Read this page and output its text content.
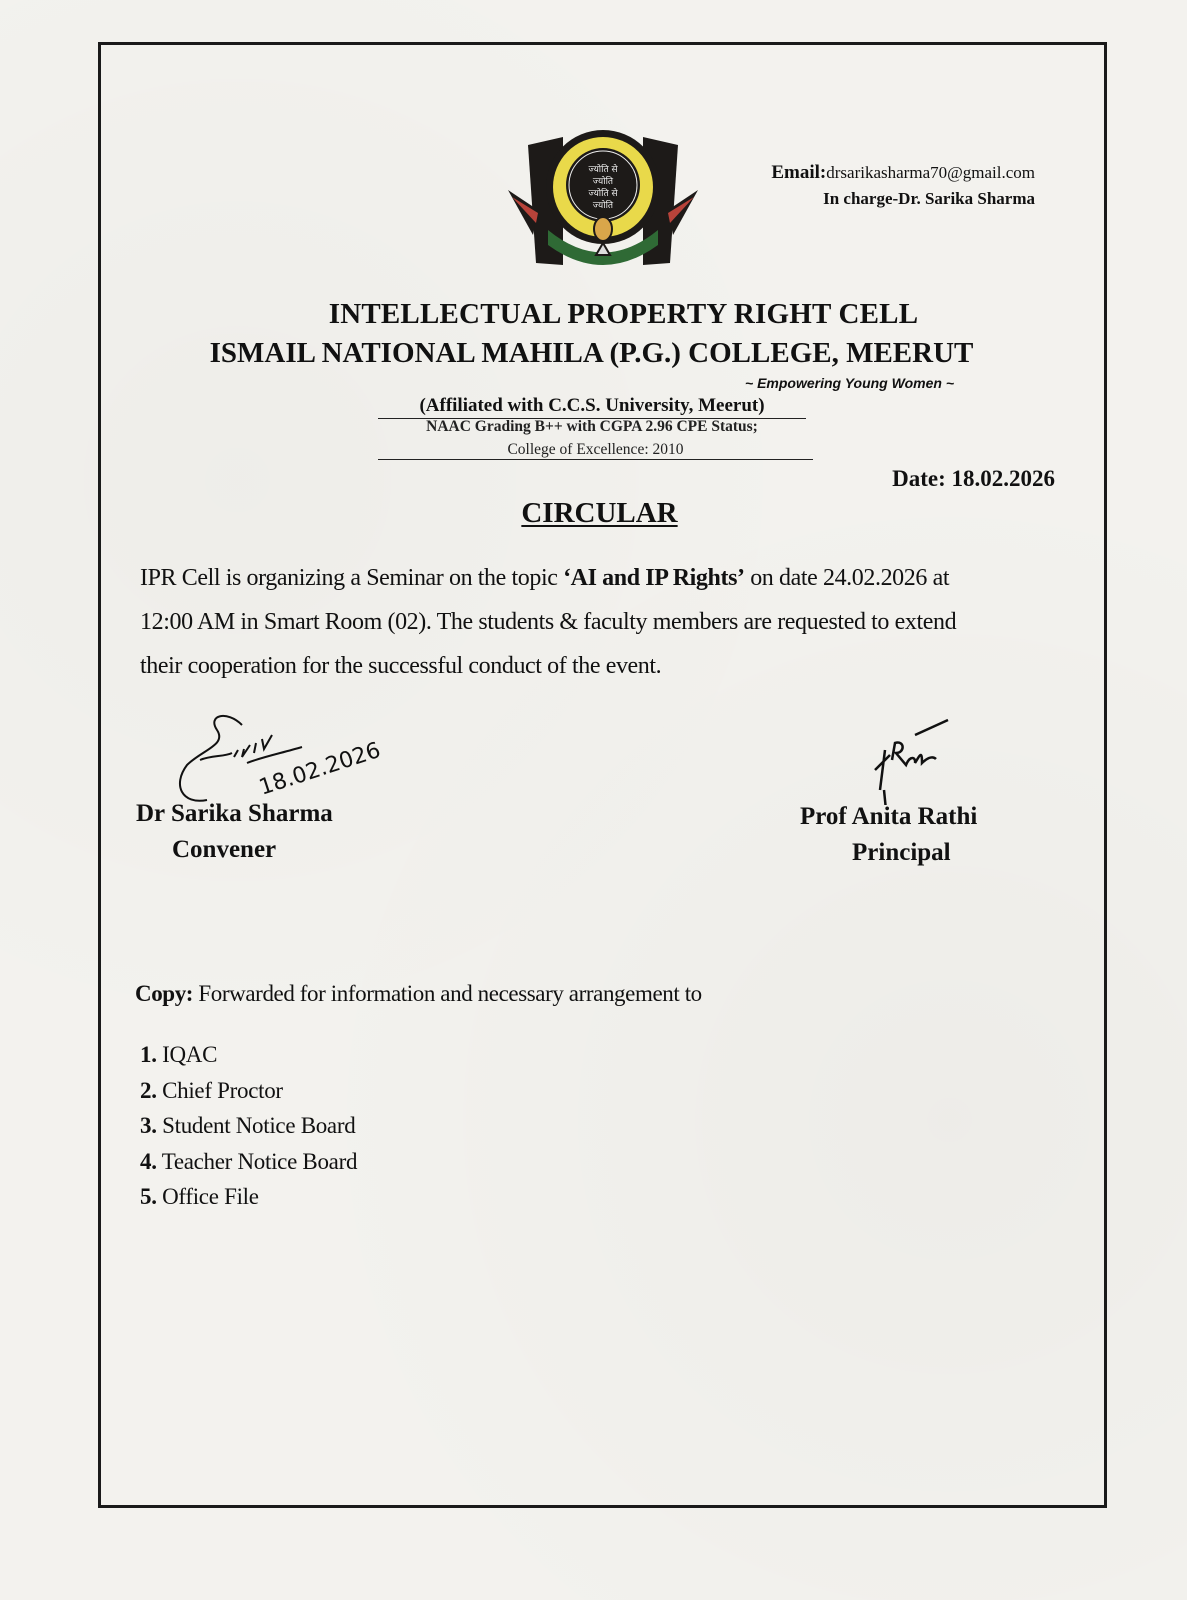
ज्योति से
ज्योति
ज्योति से
ज्योति
Email:drsarikasharma70@gmail.com
In charge-Dr. Sarika Sharma
INTELLECTUAL PROPERTY RIGHT CELL
ISMAIL NATIONAL MAHILA (P.G.) COLLEGE, MEERUT
~ Empowering Young Women ~
(Affiliated with C.C.S. University, Meerut)
NAAC Grading B++ with CGPA 2.96 CPE Status;
College of Excellence: 2010
Date: 18.02.2026
CIRCULAR
IPR Cell is organizing a Seminar on the topic ‘AI and IP Rights’ on date 24.02.2026 at
12:00 AM in Smart Room (02). The students & faculty members are requested to extend
their cooperation for the successful conduct of the event.
18.02.2026
Dr Sarika Sharma
Convener
Prof Anita Rathi
Principal
Copy: Forwarded for information and necessary arrangement to
1. IQAC
2. Chief Proctor
3. Student Notice Board
4. Teacher Notice Board
5. Office File
